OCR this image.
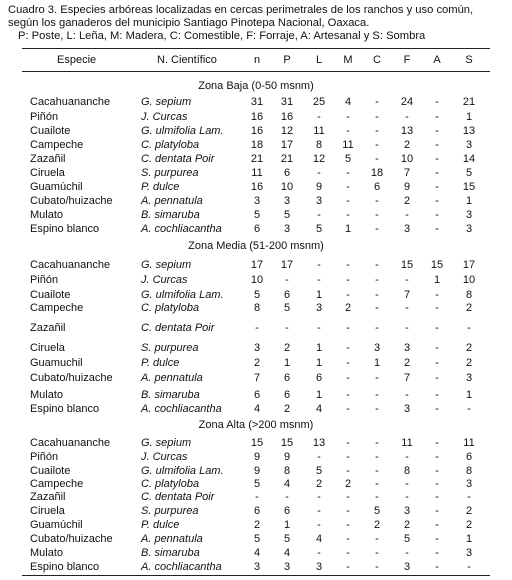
Cuadro 3. Especies arbóreas localizadas en cercas perimetrales de los ranchos y uso común,
según los ganaderos del municipio Santiago Pinotepa Nacional, Oaxaca.
P: Poste, L: Leña, M: Madera, C: Comestible, F: Forraje, A: Artesanal y S: Sombra
Especie	N. Científico	n	P	L	M	C	F	A	S
Zona Baja (0-50 msnm)
Cacahuananche	G. sepium	31	31	25	4	-	24	-	21
Piñón	J. Curcas	16	16	-	-	-	-	-	1
Cuailote	G. ulmifolia Lam.	16	12	11	-	-	13	-	13
Campeche	C. platyloba	18	17	8	11	-	2	-	3
Zazañil	C. dentata Poir	21	21	12	5	-	10	-	14
Ciruela	S. purpurea	11	6	-	-	18	7	-	5
Guamúchil	P. dulce	16	10	9	-	6	9	-	15
Cubato/huizache	A. pennatula	3	3	3	-	-	2	-	1
Mulato	B. simaruba	5	5	-	-	-	-	-	3
Espino blanco	A. cochliacantha	6	3	5	1	-	3	-	3
Zona Media (51-200 msnm)
Cacahuananche	G. sepium	17	17	-	-	-	15	15	17
Piñón	J. Curcas	10	-	-	-	-	-	1	10
Cuailote	G. ulmifolia Lam.	5	6	1	-	-	7	-	8
Campeche	C. platyloba	8	5	3	2	-	-	-	2
Zazañil	C. dentata Poir	-	-	-	-	-	-	-	-
Ciruela	S. purpurea	3	2	1	-	3	3	-	2
Guamuchil	P. dulce	2	1	1	-	1	2	-	2
Cubato/huizache	A. pennatula	7	6	6	-	-	7	-	3
Mulato	B. simaruba	6	6	1	-	-	-	-	1
Espino blanco	A. cochliacantha	4	2	4	-	-	3	-	-
Zona Alta (>200 msnm)
Cacahuananche	G. sepium	15	15	13	-	-	11	-	11
Piñón	J. Curcas	9	9	-	-	-	-	-	6
Cuailote	G. ulmifolia Lam.	9	8	5	-	-	8	-	8
Campeche	C. platyloba	5	4	2	2	-	-	-	3
Zazañil	C. dentata Poir	-	-	-	-	-	-	-	-
Ciruela	S. purpurea	6	6	-	-	5	3	-	2
Guamúchil	P. dulce	2	1	-	-	2	2	-	2
Cubato/huizache	A. pennatula	5	5	4	-	-	5	-	1
Mulato	B. simaruba	4	4	-	-	-	-	-	3
Espino blanco	A. cochliacantha	3	3	3	-	-	3	-	-
